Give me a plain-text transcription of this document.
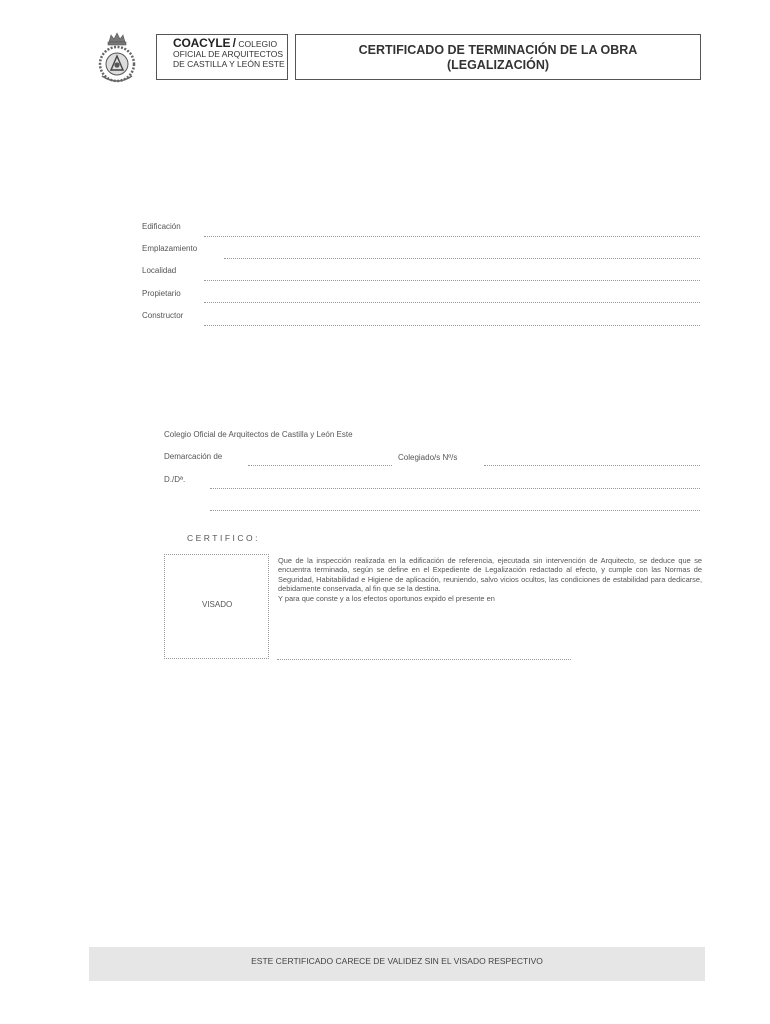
COACYLE / COLEGIO
OFICIAL DE ARQUITECTOS
DE CASTILLA Y LEÓN ESTE
CERTIFICADO DE TERMINACIÓN DE LA OBRA
(LEGALIZACIÓN)
Edificación
Emplazamiento
Localidad
Propietario
Constructor
Colegio Oficial de Arquitectos de Castilla y León Este
Demarcación de	Colegiado/s Nº/s
D./Dª.
CERTIFICO:
VISADO

Que de la inspección realizada en la edificación de referencia, ejecutada sin intervención de Arquitecto, se deduce que se encuentra terminada, según se define en el Expediente de Legalización redactado al efecto, y cumple con las Normas de Seguridad, Habitabilidad e Higiene de aplicación, reuniendo, salvo vicios ocultos, las condiciones de estabilidad para dedicarse, debidamente conservada, al fin que se la destina.

Y para que conste y a los efectos oportunos expido el presente en

ESTE CERTIFICADO CARECE DE VALIDEZ SIN EL VISADO RESPECTIVO
